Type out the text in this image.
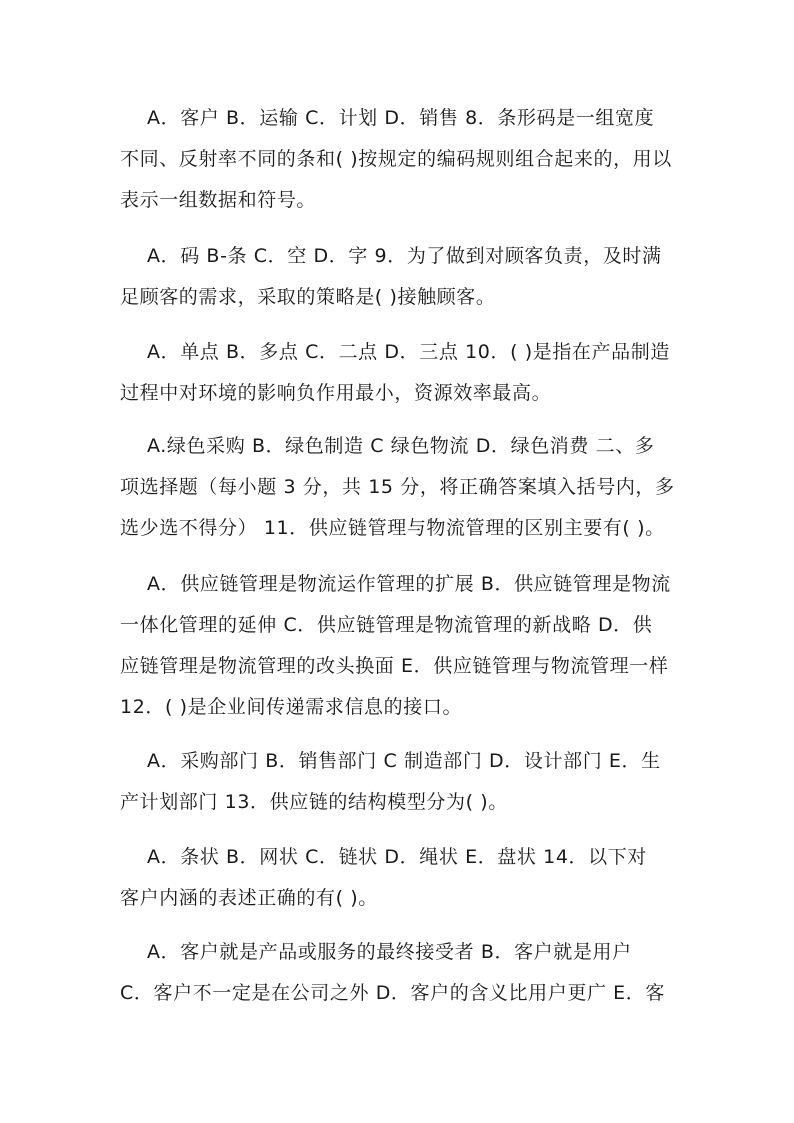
A．客户 B．运输 C．计划 D．销售 8．条形码是一组宽度
不同、反射率不同的条和( )按规定的编码规则组合起来的，用以
表示一组数据和符号。
A．码 B-条 C．空 D．字 9．为了做到对顾客负责，及时满
足顾客的需求，采取的策略是( )接触顾客。
A．单点 B．多点 C．二点 D．三点 10．( )是指在产品制造
过程中对环境的影响负作用最小，资源效率最高。
A.绿色采购 B．绿色制造 C 绿色物流 D．绿色消费 二、多
项选择题（每小题 3 分，共 15 分，将正确答案填入括号内，多
选少选不得分） 11．供应链管理与物流管理的区别主要有( )。
A．供应链管理是物流运作管理的扩展 B．供应链管理是物流
一体化管理的延伸 C．供应链管理是物流管理的新战略 D．供
应链管理是物流管理的改头换面 E．供应链管理与物流管理一样
12．( )是企业间传递需求信息的接口。
A．采购部门 B．销售部门 C 制造部门 D．设计部门 E．生
产计划部门 13．供应链的结构模型分为( )。
A．条状 B．网状 C．链状 D．绳状 E．盘状 14．以下对
客户内涵的表述正确的有( )。
A．客户就是产品或服务的最终接受者 B．客户就是用户
C．客户不一定是在公司之外 D．客户的含义比用户更广 E．客
